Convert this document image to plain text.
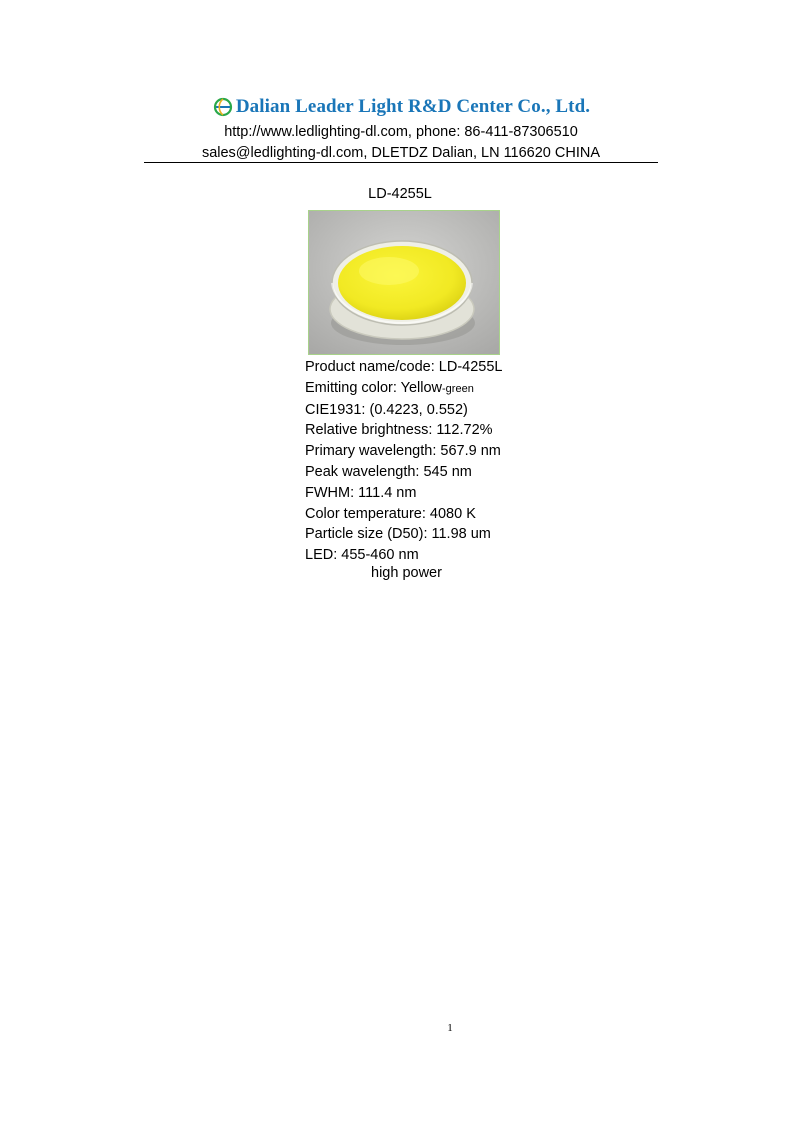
Dalian Leader Light R&D Center Co., Ltd.
http://www.ledlighting-dl.com, phone: 86-411-87306510
sales@ledlighting-dl.com, DLETDZ Dalian, LN 116620 CHINA
LD-4255L
Product name/code: LD-4255L
Emitting color: Yellow-green
CIE1931: (0.4223, 0.552)
Relative brightness: 112.72%
Primary wavelength: 567.9 nm
Peak wavelength: 545 nm
FWHM: 111.4 nm
Color temperature: 4080 K
Particle size (D50): 11.98 um
LED: 455-460 nm
high power
1
